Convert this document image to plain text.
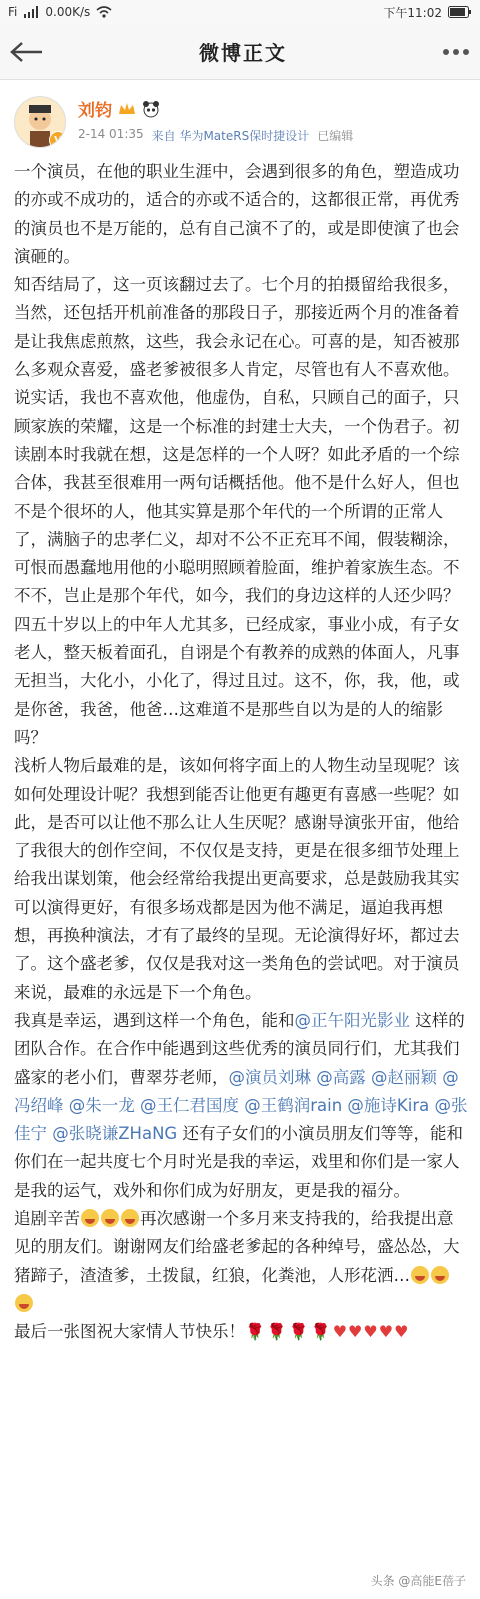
Fi 0.00K/s	下午11:02
微博正文
V
刘钧
2-14 01:35 来自 华为MateRS保时捷设计 已编辑

一个演员，在他的职业生涯中，会遇到很多的角色，塑造成功的亦或不成功的，适合的亦或不适合的，这都很正常，再优秀的演员也不是万能的，总有自己演不了的，或是即使演了也会演砸的。

知否结局了，这一页该翻过去了。七个月的拍摄留给我很多，当然，还包括开机前准备的那段日子，那接近两个月的准备着是让我焦虑煎熬，这些，我会永记在心。可喜的是，知否被那么多观众喜爱，盛老爹被很多人肯定，尽管也有人不喜欢他。说实话，我也不喜欢他，他虚伪，自私，只顾自己的面子，只顾家族的荣耀，这是一个标准的封建士大夫，一个伪君子。初读剧本时我就在想，这是怎样的一个人呀？如此矛盾的一个综合体，我甚至很难用一两句话概括他。他不是什么好人，但也不是个很坏的人，他其实算是那个年代的一个所谓的正常人了，满脑子的忠孝仁义，却对不公不正充耳不闻，假装糊涂，可恨而愚蠢地用他的小聪明照顾着脸面，维护着家族生态。不不不，岂止是那个年代，如今，我们的身边这样的人还少吗？四五十岁以上的中年人尤其多，已经成家，事业小成，有子女老人，整天板着面孔，自诩是个有教养的成熟的体面人，凡事无担当，大化小，小化了，得过且过。这不，你，我，他，或是你爸，我爸，他爸…这难道不是那些自以为是的人的缩影吗？

浅析人物后最难的是，该如何将字面上的人物生动呈现呢？该如何处理设计呢？我想到能否让他更有趣更有喜感一些呢？如此，是否可以让他不那么让人生厌呢？感谢导演张开宙，他给了我很大的创作空间，不仅仅是支持，更是在很多细节处理上给我出谋划策，他会经常给我提出更高要求，总是鼓励我其实可以演得更好，有很多场戏都是因为他不满足，逼迫我再想想，再换种演法，才有了最终的呈现。无论演得好坏，都过去了。这个盛老爹，仅仅是我对这一类角色的尝试吧。对于演员来说，最难的永远是下一个角色。

我真是幸运，遇到这样一个角色，能和@正午阳光影业 这样的团队合作。在合作中能遇到这些优秀的演员同行们，尤其我们盛家的老小们，曹翠芬老师，@演员刘琳 @高露 @赵丽颖 @冯绍峰 @朱一龙 @王仁君国度 @王鹤润rain @施诗Kira @张佳宁 @张晓谦ZHaNG 还有子女们的小演员朋友们等等，能和你们在一起共度七个月时光是我的幸运，戏里和你们是一家人是我的运气，戏外和你们成为好朋友，更是我的福分。

追剧辛苦	再次感谢一个多月来支持我的，给我提出意见的朋友们。谢谢网友们给盛老爹起的各种绰号，盛怂怂，大猪蹄子，渣渣爹，土拨鼠，红狼，化粪池，人形花洒…

最后一张图祝大家情人节快乐！🌹 🌹 🌹 🌹 ♥♥♥♥♥

头条 @高能E蓓子
